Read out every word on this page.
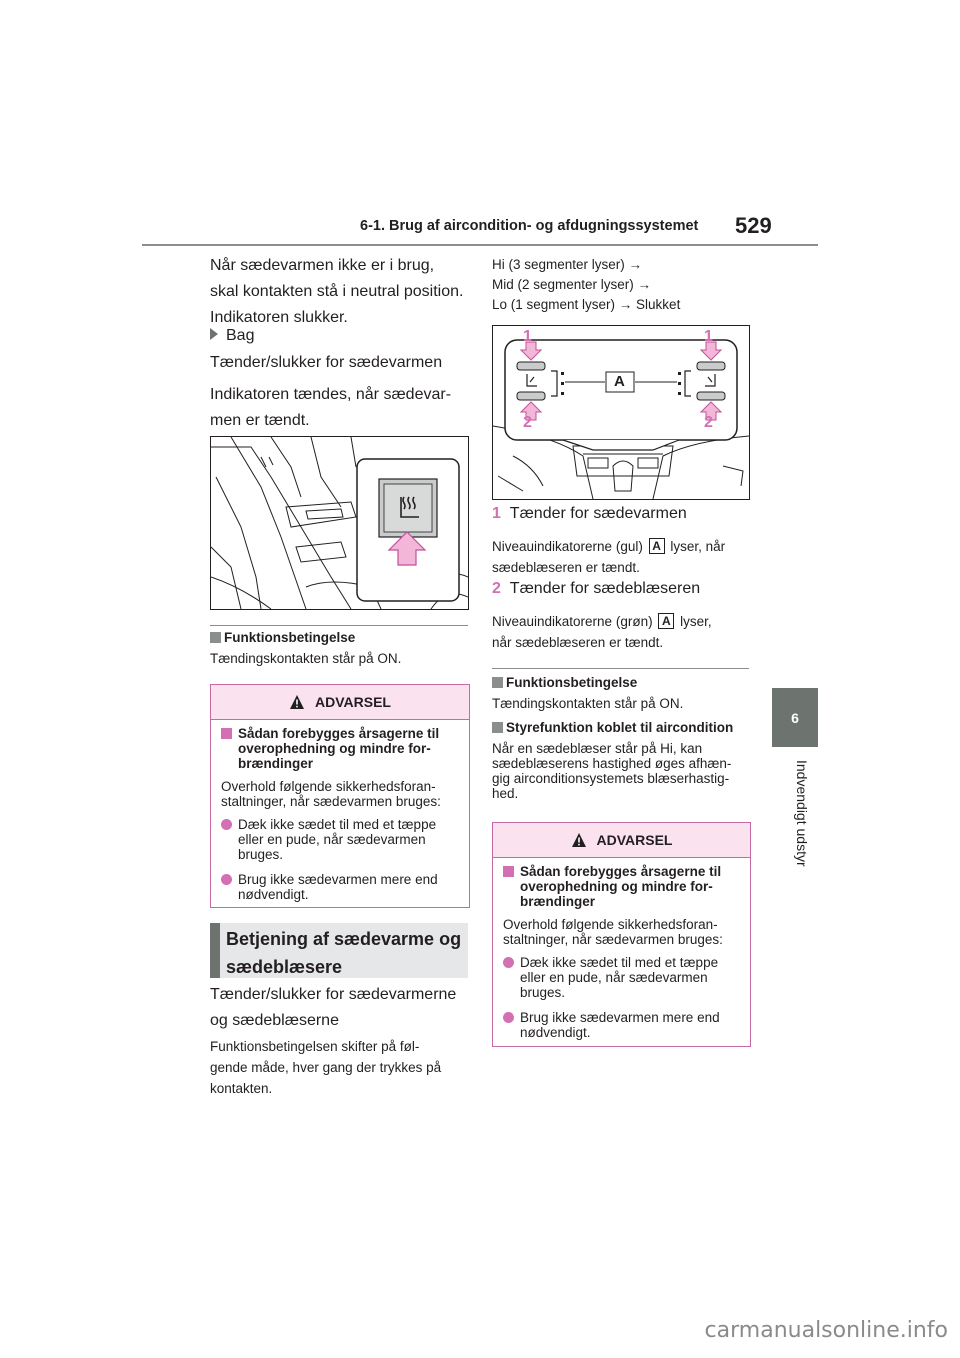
6-1. Brug af aircondition- og afdugningssystemet 529
6
Indvendigt udstyr
Når sædevarmen ikke er i brug,
skal kontakten stå i neutral position.
Indikatoren slukker.
Bag
Tænder/slukker for sædevarmen
Indikatoren tændes, når sædevar-
men er tændt.
Funktionsbetingelse
Tændingskontakten står på ON.
ADVARSEL
Sådan forebygges årsagerne til
overophedning og mindre for-
brændinger
Overhold følgende sikkerhedsforan-
staltninger, når sædevarmen bruges:
Dæk ikke sædet til med et tæppe
eller en pude, når sædevarmen
bruges.
Brug ikke sædevarmen mere end
nødvendigt.
Betjening af sædevarme og
sædeblæsere
Tænder/slukker for sædevarmerne
og sædeblæserne
Funktionsbetingelsen skifter på føl-
gende måde, hver gang der trykkes på
kontakten.
Hi (3 segmenter lyser) →
Mid (2 segmenter lyser) →
Lo (1 segment lyser) → Slukket
1	1
2	2
A
1 Tænder for sædevarmen
Niveauindikatorerne (gul) A lyser, når
sædeblæseren er tændt.
2 Tænder for sædeblæseren
Niveauindikatorerne (grøn) A lyser,
når sædeblæseren er tændt.
Funktionsbetingelse
Tændingskontakten står på ON.
Styrefunktion koblet til aircondition
Når en sædeblæser står på Hi, kan
sædeblæserens hastighed øges afhæn-
gig airconditionsystemets blæserhastig-
hed.
ADVARSEL
Sådan forebygges årsagerne til
overophedning og mindre for-
brændinger
Overhold følgende sikkerhedsforan-
staltninger, når sædevarmen bruges:
Dæk ikke sædet til med et tæppe
eller en pude, når sædevarmen
bruges.
Brug ikke sædevarmen mere end
nødvendigt.
carmanualsonline.info
